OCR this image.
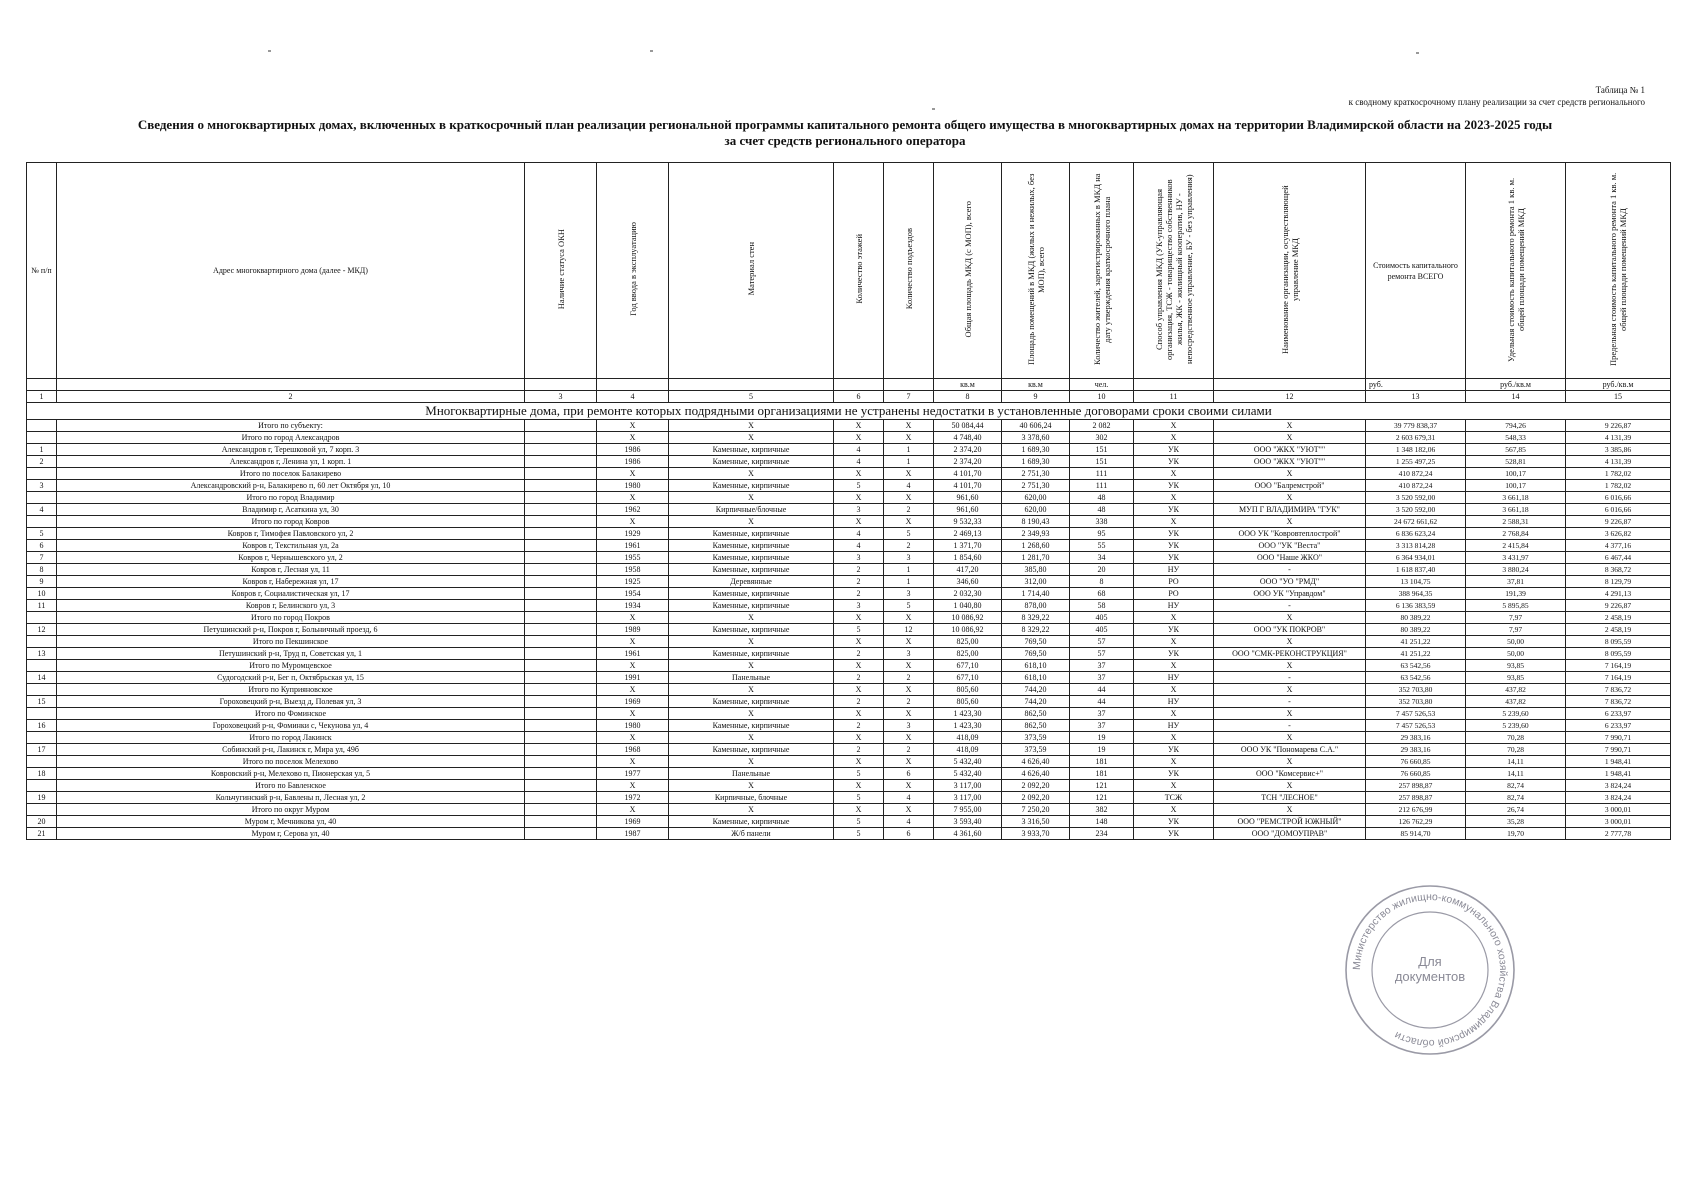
Таблица № 1
к сводному краткосрочному плану реализации за счет средств регионального
Сведения о многоквартирных домах, включенных в краткосрочный план реализации региональной программы капитального ремонта общего имущества в многоквартирных домах на территории Владимирской области на 2023-2025 годы
за счет средств регионального оператора
№ п/п	Адрес многоквартирного дома (далее - МКД)	Наличие статуса ОКН	Год ввода в эксплуатацию	Материал стен	Количество этажей	Количество подъездов	Общая площадь МКД (с МОП), всего	Площадь помещений в МКД (жилых и нежилых, без МОП), всего	Количество жителей, зарегистрированных в МКД на дату утверждения краткосрочного плана	Способ управления МКД (УК-управляющая организация, ТСЖ - товарищество собственников жилья, ЖК - жилищный кооператив, НУ - непосредственное управление, БУ - без управления)	Наименование организации, осуществляющей управление МКД	Стоимость капитального ремонта ВСЕГО	Удельная стоимость капитального ремонта 1 кв. м. общей площади помещений МКД	Предельная стоимость капитального ремонта 1 кв. м. общей площади помещений МКД
							кв.м	кв.м	чел.			руб.	руб./кв.м	руб./кв.м
1	2	3	4	5	6	7	8	9	10	11	12	13	14	15
Многоквартирные дома, при ремонте которых подрядными организациями не устранены недостатки в установленные договорами сроки своими силами														
	Итого по субъекту:		X	X	X	X	50 084,44	40 606,24	2 082	X	X	39 779 838,37	794,26	9 226,87
	Итого по город Александров		X	X	X	X	4 748,40	3 378,60	302	X	X	2 603 679,31	548,33	4 131,39
1	Александров г, Терешковой ул, 7 корп. 3		1986	Каменные, кирпичные	4	1	2 374,20	1 689,30	151	УК	ООО "ЖКХ "УЮТ""	1 348 182,06	567,85	3 385,86
2	Александров г, Ленина ул, 1 корп. 1		1986	Каменные, кирпичные	4	1	2 374,20	1 689,30	151	УК	ООО "ЖКХ "УЮТ""	1 255 497,25	528,81	4 131,39
	Итого по поселок Балакирево		X	X	X	X	4 101,70	2 751,30	111	X	X	410 872,24	100,17	1 782,02
3	Александровский р-н, Балакирево п, 60 лет Октября ул, 10		1980	Каменные, кирпичные	5	4	4 101,70	2 751,30	111	УК	ООО "Балремстрой"	410 872,24	100,17	1 782,02
	Итого по город Владимир		X	X	X	X	961,60	620,00	48	X	X	3 520 592,00	3 661,18	6 016,66
4	Владимир г, Асаткина ул, 30		1962	Кирпичные/блочные	3	2	961,60	620,00	48	УК	МУП Г ВЛАДИМИРА "ГУК"	3 520 592,00	3 661,18	6 016,66
	Итого по город Ковров		X	X	X	X	9 532,33	8 190,43	338	X	X	24 672 661,62	2 588,31	9 226,87
5	Ковров г, Тимофея Павловского ул, 2		1929	Каменные, кирпичные	4	5	2 469,13	2 349,93	95	УК	ООО УК "Ковровтеплострой"	6 836 623,24	2 768,84	3 626,82
6	Ковров г, Текстильная ул, 2а		1961	Каменные, кирпичные	4	2	1 371,70	1 268,60	55	УК	ООО "УК "Веста"	3 313 814,28	2 415,84	4 377,16
7	Ковров г, Чернышевского ул, 2		1955	Каменные, кирпичные	3	3	1 854,60	1 281,70	34	УК	ООО "Наше ЖКО"	6 364 934,01	3 431,97	6 467,44
8	Ковров г, Лесная ул, 11		1958	Каменные, кирпичные	2	1	417,20	385,80	20	НУ	-	1 618 837,40	3 880,24	8 368,72
9	Ковров г, Набережная ул, 17		1925	Деревянные	2	1	346,60	312,00	8	РО	ООО "УО "РМД"	13 104,75	37,81	8 129,79
10	Ковров г, Социалистическая ул, 17		1954	Каменные, кирпичные	2	3	2 032,30	1 714,40	68	РО	ООО УК "Управдом"	388 964,35	191,39	4 291,13
11	Ковров г, Белинского ул, 3		1934	Каменные, кирпичные	3	5	1 040,80	878,00	58	НУ	-	6 136 383,59	5 895,85	9 226,87
	Итого по город Покров		X	X	X	X	10 086,92	8 329,22	405	X	X	80 389,22	7,97	2 458,19
12	Петушинский р-н, Покров г, Больничный проезд, 6		1989	Каменные, кирпичные	5	12	10 086,92	8 329,22	405	УК	ООО "УК ПОКРОВ"	80 389,22	7,97	2 458,19
	Итого по Пекшинское		X	X	X	X	825,00	769,50	57	X	X	41 251,22	50,00	8 095,59
13	Петушинский р-н, Труд п, Советская ул, 1		1961	Каменные, кирпичные	2	3	825,00	769,50	57	УК	ООО "СМК-РЕКОНСТРУКЦИЯ"	41 251,22	50,00	8 095,59
	Итого по Муромцевское		X	X	X	X	677,10	618,10	37	X	X	63 542,56	93,85	7 164,19
14	Судогодский р-н, Бег п, Октябрьская ул, 15		1991	Панельные	2	2	677,10	618,10	37	НУ	-	63 542,56	93,85	7 164,19
	Итого по Куприяновское		X	X	X	X	805,60	744,20	44	X	X	352 703,80	437,82	7 836,72
15	Гороховецкий р-н, Выезд д, Полевая ул, 3		1969	Каменные, кирпичные	2	2	805,60	744,20	44	НУ	-	352 703,80	437,82	7 836,72
	Итого по Фоминское		X	X	X	X	1 423,30	862,50	37	X	X	7 457 526,53	5 239,60	6 233,97
16	Гороховецкий р-н, Фоминки с, Чекунова ул, 4		1980	Каменные, кирпичные	2	3	1 423,30	862,50	37	НУ	-	7 457 526,53	5 239,60	6 233,97
	Итого по город Лакинск		X	X	X	X	418,09	373,59	19	X	X	29 383,16	70,28	7 990,71
17	Собинский р-н, Лакинск г, Мира ул, 49б		1968	Каменные, кирпичные	2	2	418,09	373,59	19	УК	ООО УК "Пономарева С.А."	29 383,16	70,28	7 990,71
	Итого по поселок Мелехово		X	X	X	X	5 432,40	4 626,40	181	X	X	76 660,85	14,11	1 948,41
18	Ковровский р-н, Мелехово п, Пионерская ул, 5		1977	Панельные	5	6	5 432,40	4 626,40	181	УК	ООО "Комсервис+"	76 660,85	14,11	1 948,41
	Итого по Бавленское		X	X	X	X	3 117,00	2 092,20	121	X	X	257 898,87	82,74	3 824,24
19	Кольчугинский р-н, Бавлены п, Лесная ул, 2		1972	Кирпичные, блочные	5	4	3 117,00	2 092,20	121	ТСЖ	ТСН "ЛЕСНОЕ"	257 898,87	82,74	3 824,24
	Итого по округ Муром		X	X	X	X	7 955,00	7 250,20	382	X	X	212 676,99	26,74	3 000,01
20	Муром г, Мечникова ул, 40		1969	Каменные, кирпичные	5	4	3 593,40	3 316,50	148	УК	ООО "РЕМСТРОЙ ЮЖНЫЙ"	126 762,29	35,28	3 000,01
21	Муром г, Серова ул, 40		1987	Ж/б панели	5	6	4 361,60	3 933,70	234	УК	ООО "ДОМОУПРАВ"	85 914,70	19,70	2 777,78
Министерство жилищно-коммунального хозяйства Владимирской области
Для
документов
